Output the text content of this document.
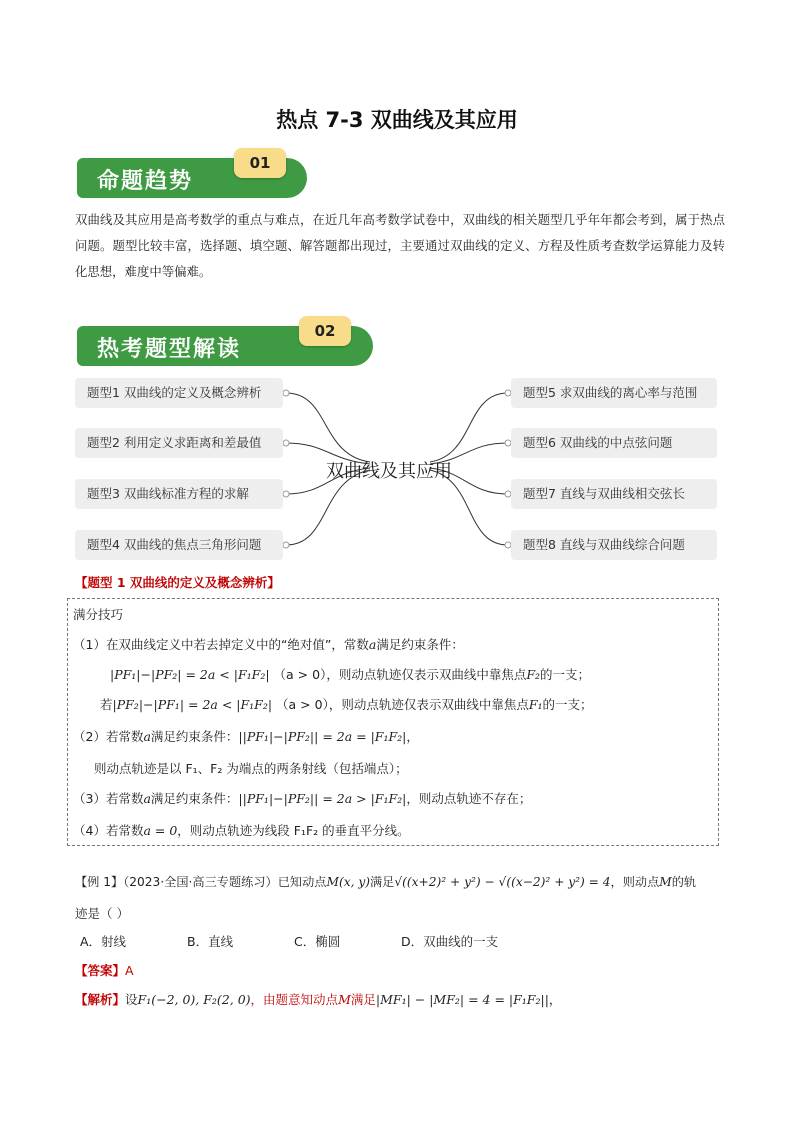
热点 7-3 双曲线及其应用
命题趋势
01
双曲线及其应用是高考数学的重点与难点，在近几年高考数学试卷中，双曲线的相关题型几乎年年都会考到，属于热点问题。题型比较丰富，选择题、填空题、解答题都出现过，主要通过双曲线的定义、方程及性质考查数学运算能力及转化思想，难度中等偏难。
热考题型解读
02
题型1 双曲线的定义及概念辨析
题型2 利用定义求距离和差最值
题型3 双曲线标准方程的求解
题型4 双曲线的焦点三角形问题
题型5 求双曲线的离心率与范围
题型6 双曲线的中点弦问题
题型7 直线与双曲线相交弦长
题型8 直线与双曲线综合问题
双曲线及其应用
【题型 1 双曲线的定义及概念辨析】
满分技巧
（1）在双曲线定义中若去掉定义中的“绝对值”，常数a满足约束条件：
|PF₁|−|PF₂| = 2a < |F₁F₂| （a > 0），则动点轨迹仅表示双曲线中靠焦点F₂的一支；
若|PF₂|−|PF₁| = 2a < |F₁F₂| （a > 0），则动点轨迹仅表示双曲线中靠焦点F₁的一支；
（2）若常数a满足约束条件：||PF₁|−|PF₂|| = 2a = |F₁F₂|，
则动点轨迹是以 F₁、F₂ 为端点的两条射线（包括端点）；
（3）若常数a满足约束条件：||PF₁|−|PF₂|| = 2a > |F₁F₂|，则动点轨迹不存在；
（4）若常数a = 0，则动点轨迹为线段 F₁F₂ 的垂直平分线。
【例 1】（2023·全国·高三专题练习）已知动点M(x, y)满足√((x+2)² + y²) − √((x−2)² + y²) = 4，则动点M的轨
迹是（ ）
A．射线	B．直线	C．椭圆	D．双曲线的一支
【答案】A
【解析】设F₁(−2, 0), F₂(2, 0)，由题意知动点M满足|MF₁| − |MF₂| = 4 = |F₁F₂||，
